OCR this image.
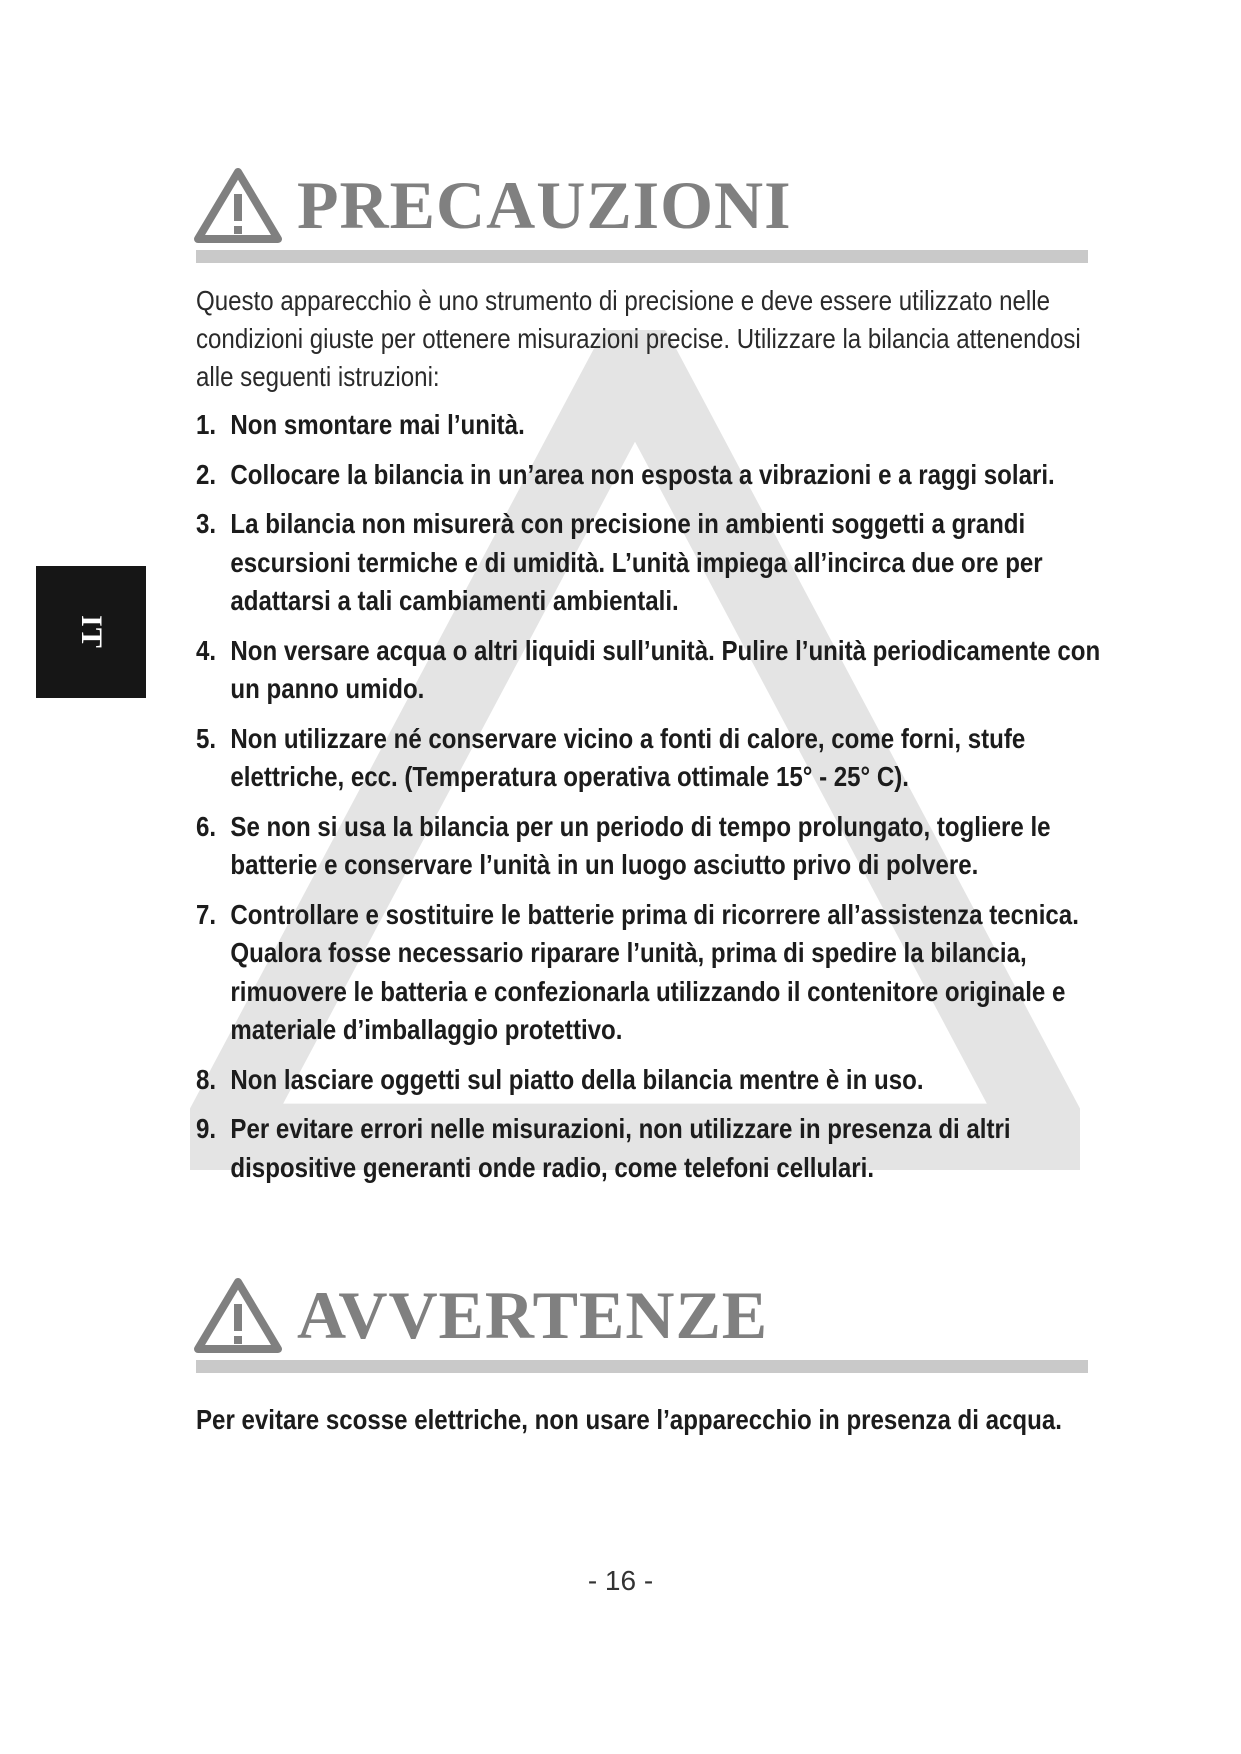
IT
PRECAUZIONI
Questo apparecchio è uno strumento di precisione e deve essere utilizzato nelle condizioni giuste per ottenere misurazioni precise. Utilizzare la bilancia attenendosi alle seguenti istruzioni:
1. Non smontare mai l’unità.
2. Collocare la bilancia in un’area non esposta a vibrazioni e a raggi solari.
3. La bilancia non misurerà con precisione in ambienti soggetti a grandi escursioni termiche e di umidità. L’unità impiega all’incirca due ore per adattarsi a tali cambiamenti ambientali.
4. Non versare acqua o altri liquidi sull’unità. Pulire l’unità periodicamente con un panno umido.
5. Non utilizzare né conservare vicino a fonti di calore, come forni, stufe elettriche, ecc. (Temperatura operativa ottimale 15° - 25° C).
6. Se non si usa la bilancia per un periodo di tempo prolungato, togliere le batterie e conservare l’unità in un luogo asciutto privo di polvere.
7. Controllare e sostituire le batterie prima di ricorrere all’assistenza tecnica. Qualora fosse necessario riparare l’unità, prima di spedire la bilancia, rimuovere le batteria e confezionarla utilizzando il contenitore originale e materiale d’imballaggio protettivo.
8. Non lasciare oggetti sul piatto della bilancia mentre è in uso.
9. Per evitare errori nelle misurazioni, non utilizzare in presenza di altri dispositive generanti onde radio, come telefoni cellulari.
AVVERTENZE
Per evitare scosse elettriche, non usare l’apparecchio in presenza di acqua.
- 16 -
